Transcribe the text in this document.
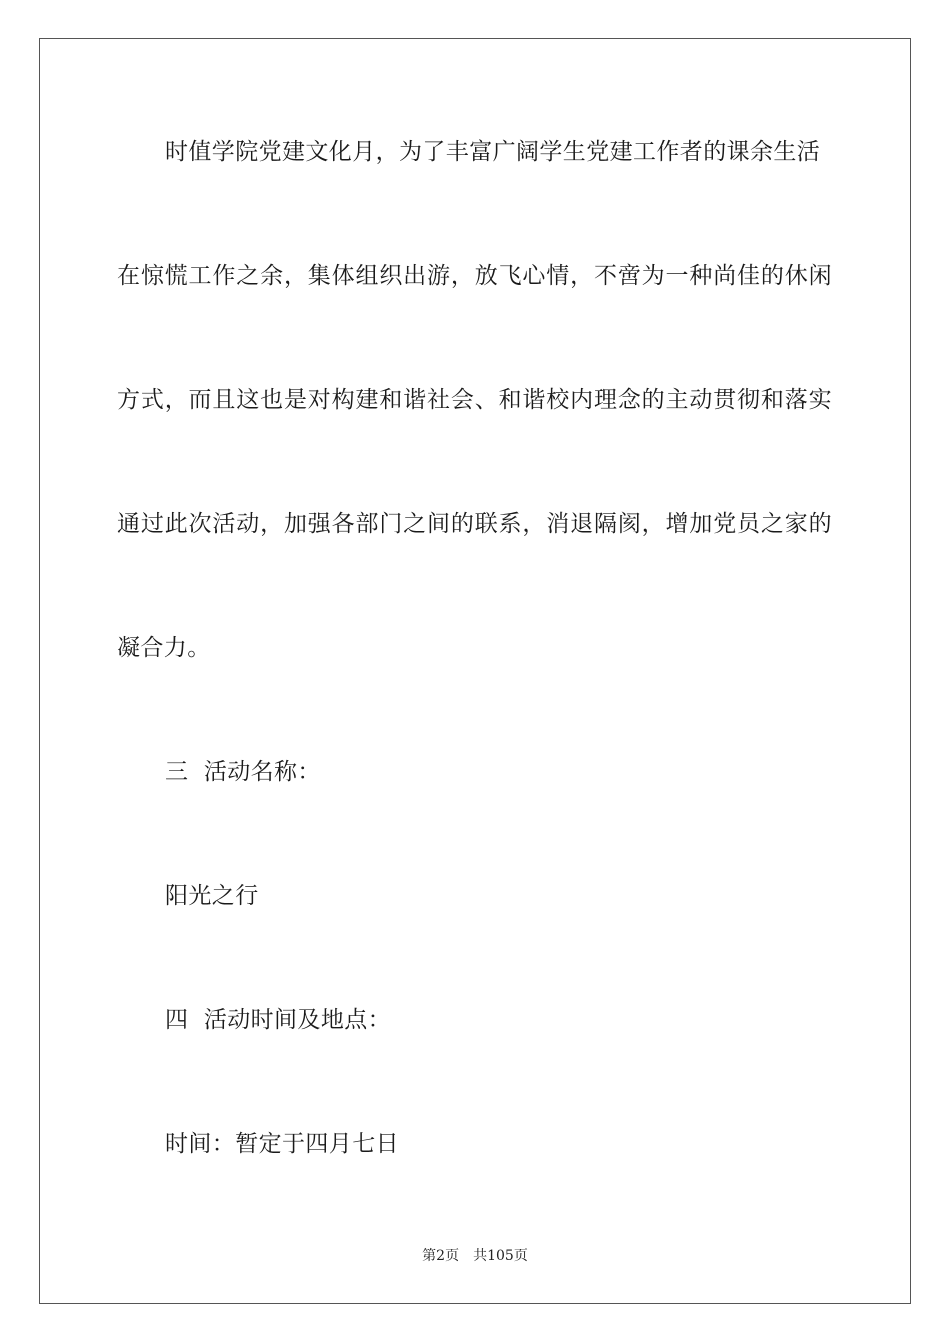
时值学院党建文化月，为了丰富广阔学生党建工作者的课余生活
在惊慌工作之余，集体组织出游，放飞心情，不啻为一种尚佳的休闲
方式，而且这也是对构建和谐社会、和谐校内理念的主动贯彻和落实
通过此次活动，加强各部门之间的联系，消退隔阂，增加党员之家的
凝合力。
三  活动名称：
阳光之行
四  活动时间及地点：
时间：暂定于四月七日
第2页 共105页
